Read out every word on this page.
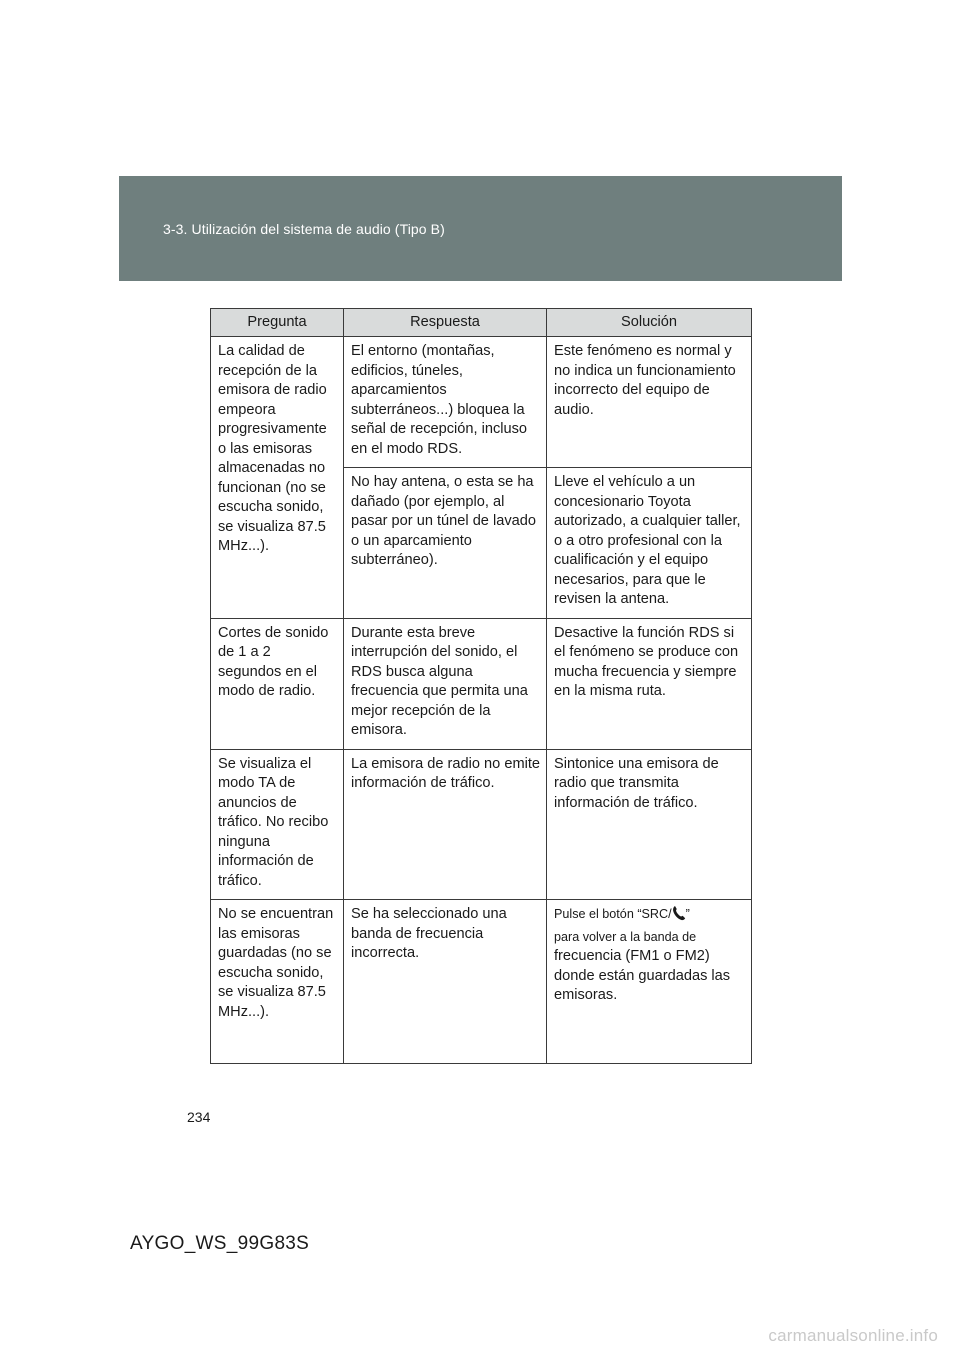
3-3. Utilización del sistema de audio (Tipo B)
Pregunta	Respuesta	Solución
La calidad de recepción de la emisora de radio empeora progresivamente o las emisoras almacenadas no funcionan (no se escucha sonido, se visualiza 87.5 MHz...).	El entorno (montañas, edificios, túneles, aparcamientos subterráneos...) bloquea la señal de recepción, incluso en el modo RDS.	Este fenómeno es normal y no indica un funcionamiento incorrecto del equipo de audio.
	No hay antena, o esta se ha dañado (por ejemplo, al pasar por un túnel de lavado o un aparcamiento subterráneo).	Lleve el vehículo a un concesionario Toyota autorizado, a cualquier taller, o a otro profesional con la cualificación y el equipo necesarios, para que le revisen la antena.
Cortes de sonido de 1 a 2 segundos en el modo de radio.	Durante esta breve interrupción del sonido, el RDS busca alguna frecuencia que permita una mejor recepción de la emisora.	Desactive la función RDS si el fenómeno se produce con mucha frecuencia y siempre en la misma ruta.
Se visualiza el modo TA de anuncios de tráfico. No recibo ninguna información de tráfico.	La emisora de radio no emite información de tráfico.	Sintonice una emisora de radio que transmita información de tráfico.
No se encuentran las emisoras guardadas (no se escucha sonido, se visualiza 87.5 MHz...).	Se ha seleccionado una banda de frecuencia incorrecta.	Pulse el botón “SRC/ ”
para volver a la banda de
frecuencia (FM1 o FM2) donde están guardadas las emisoras.
234
AYGO_WS_99G83S
carmanualsonline.info
